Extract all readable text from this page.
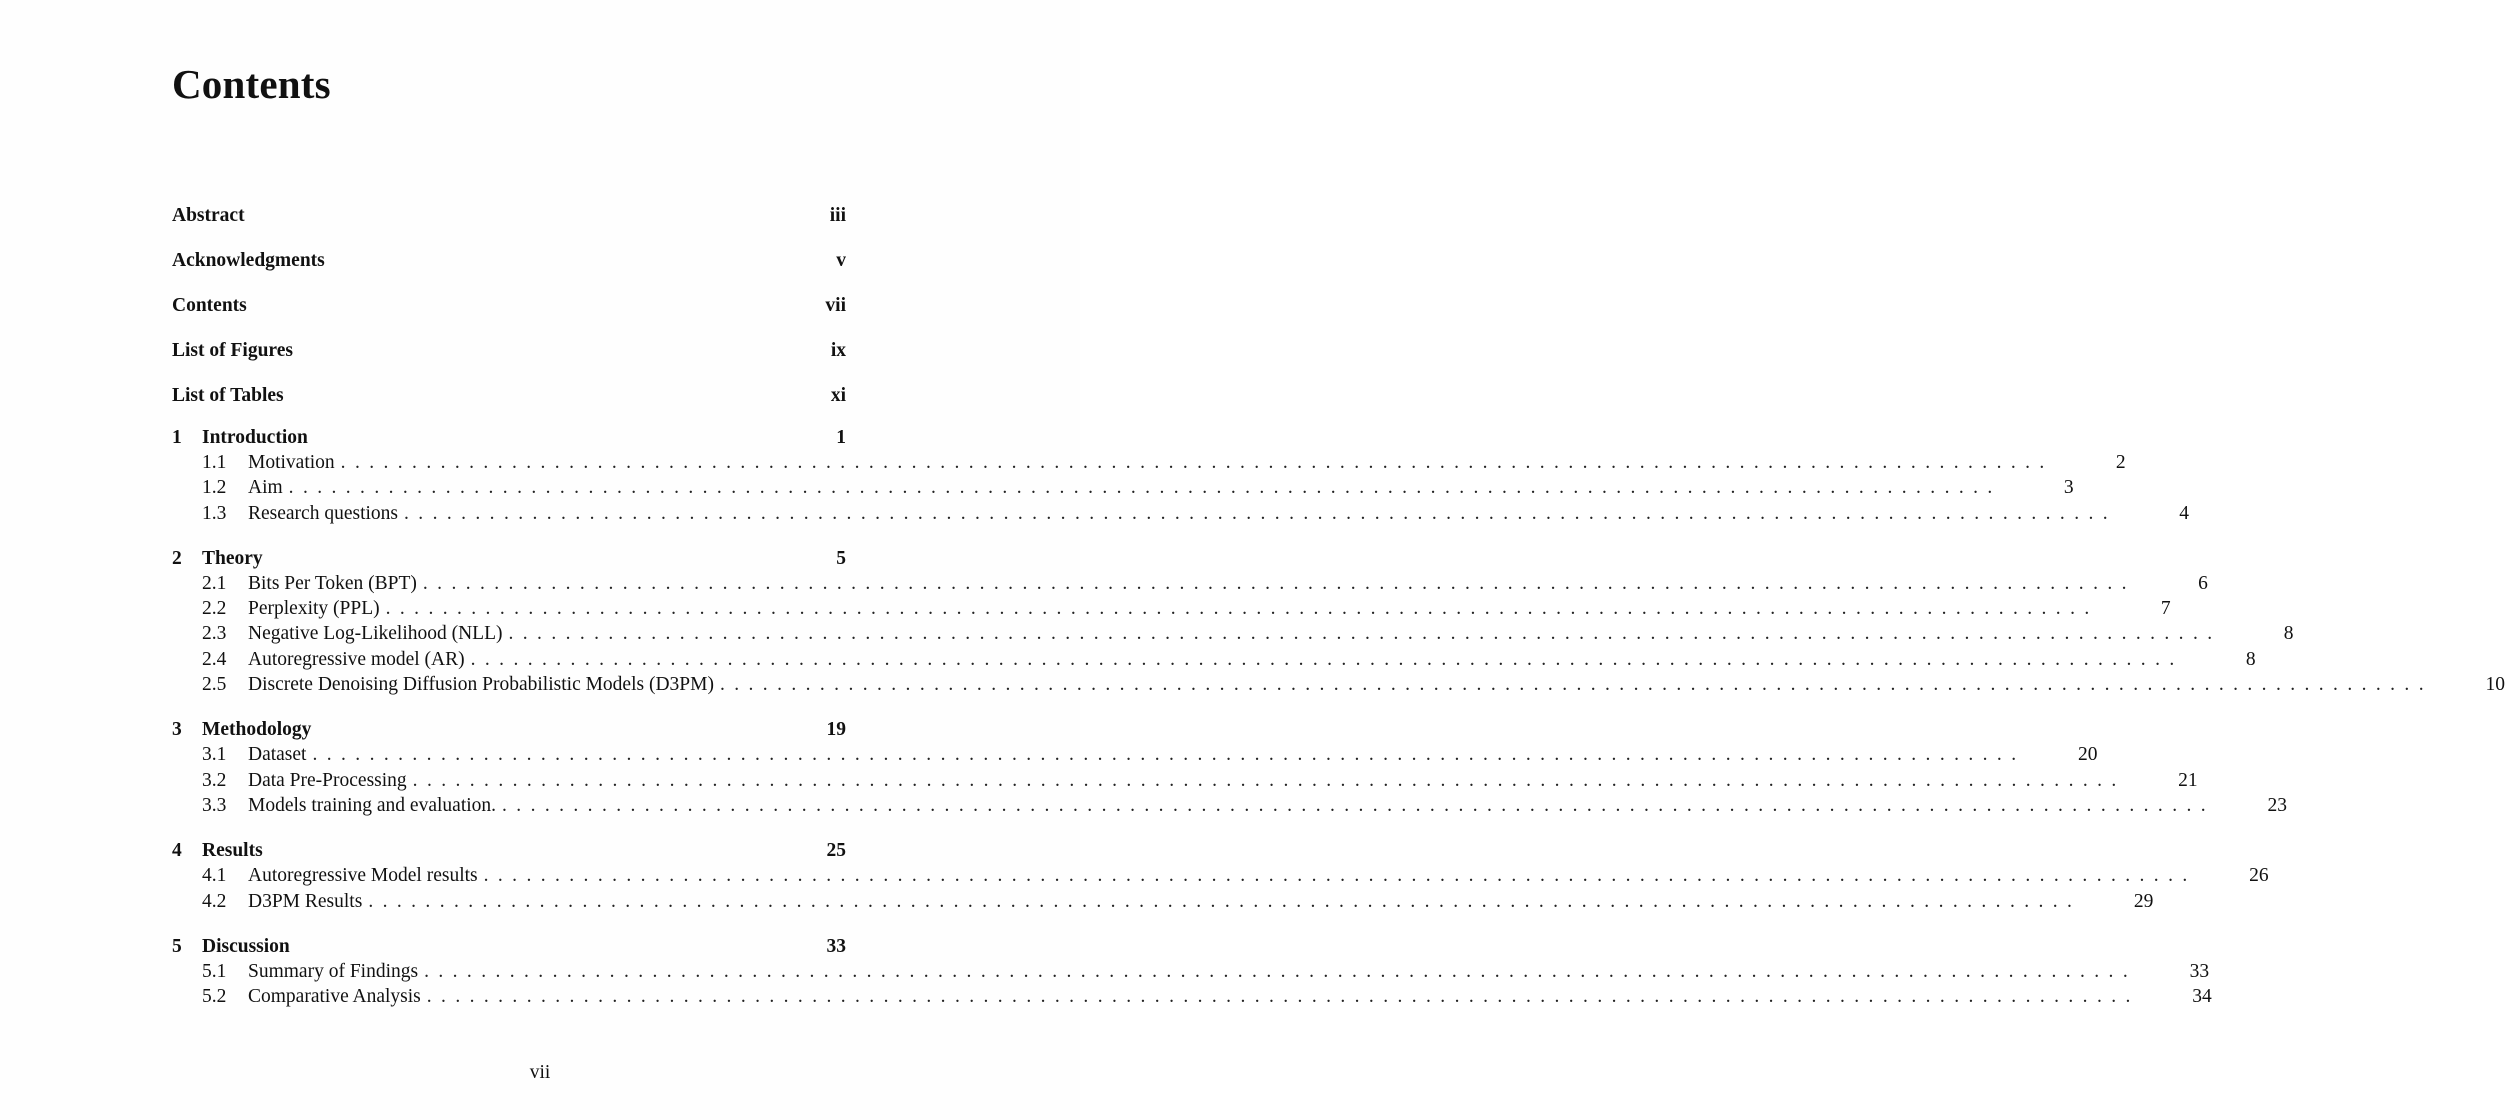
Contents
Abstract	iii
Acknowledgments	v
Contents	vii
List of Figures	ix
List of Tables	xi
1	Introduction	1
1.1	Motivation ........................................................................................................................	2
1.2	Aim ........................................................................................................................	3
1.3	Research questions ........................................................................................................................	4
2	Theory	5
2.1	Bits Per Token (BPT) ........................................................................................................................	6
2.2	Perplexity (PPL) ........................................................................................................................	7
2.3	Negative Log-Likelihood (NLL) ........................................................................................................................	8
2.4	Autoregressive model (AR) ........................................................................................................................	8
2.5	Discrete Denoising Diffusion Probabilistic Models (D3PM) ........................................................................................................................	10
3	Methodology	19
3.1	Dataset ........................................................................................................................	20
3.2	Data Pre-Processing ........................................................................................................................	21
3.3	Models training and evaluation. ........................................................................................................................	23
4	Results	25
4.1	Autoregressive Model results ........................................................................................................................	26
4.2	D3PM Results ........................................................................................................................	29
5	Discussion	33
5.1	Summary of Findings ........................................................................................................................	33
5.2	Comparative Analysis ........................................................................................................................	34
vii
